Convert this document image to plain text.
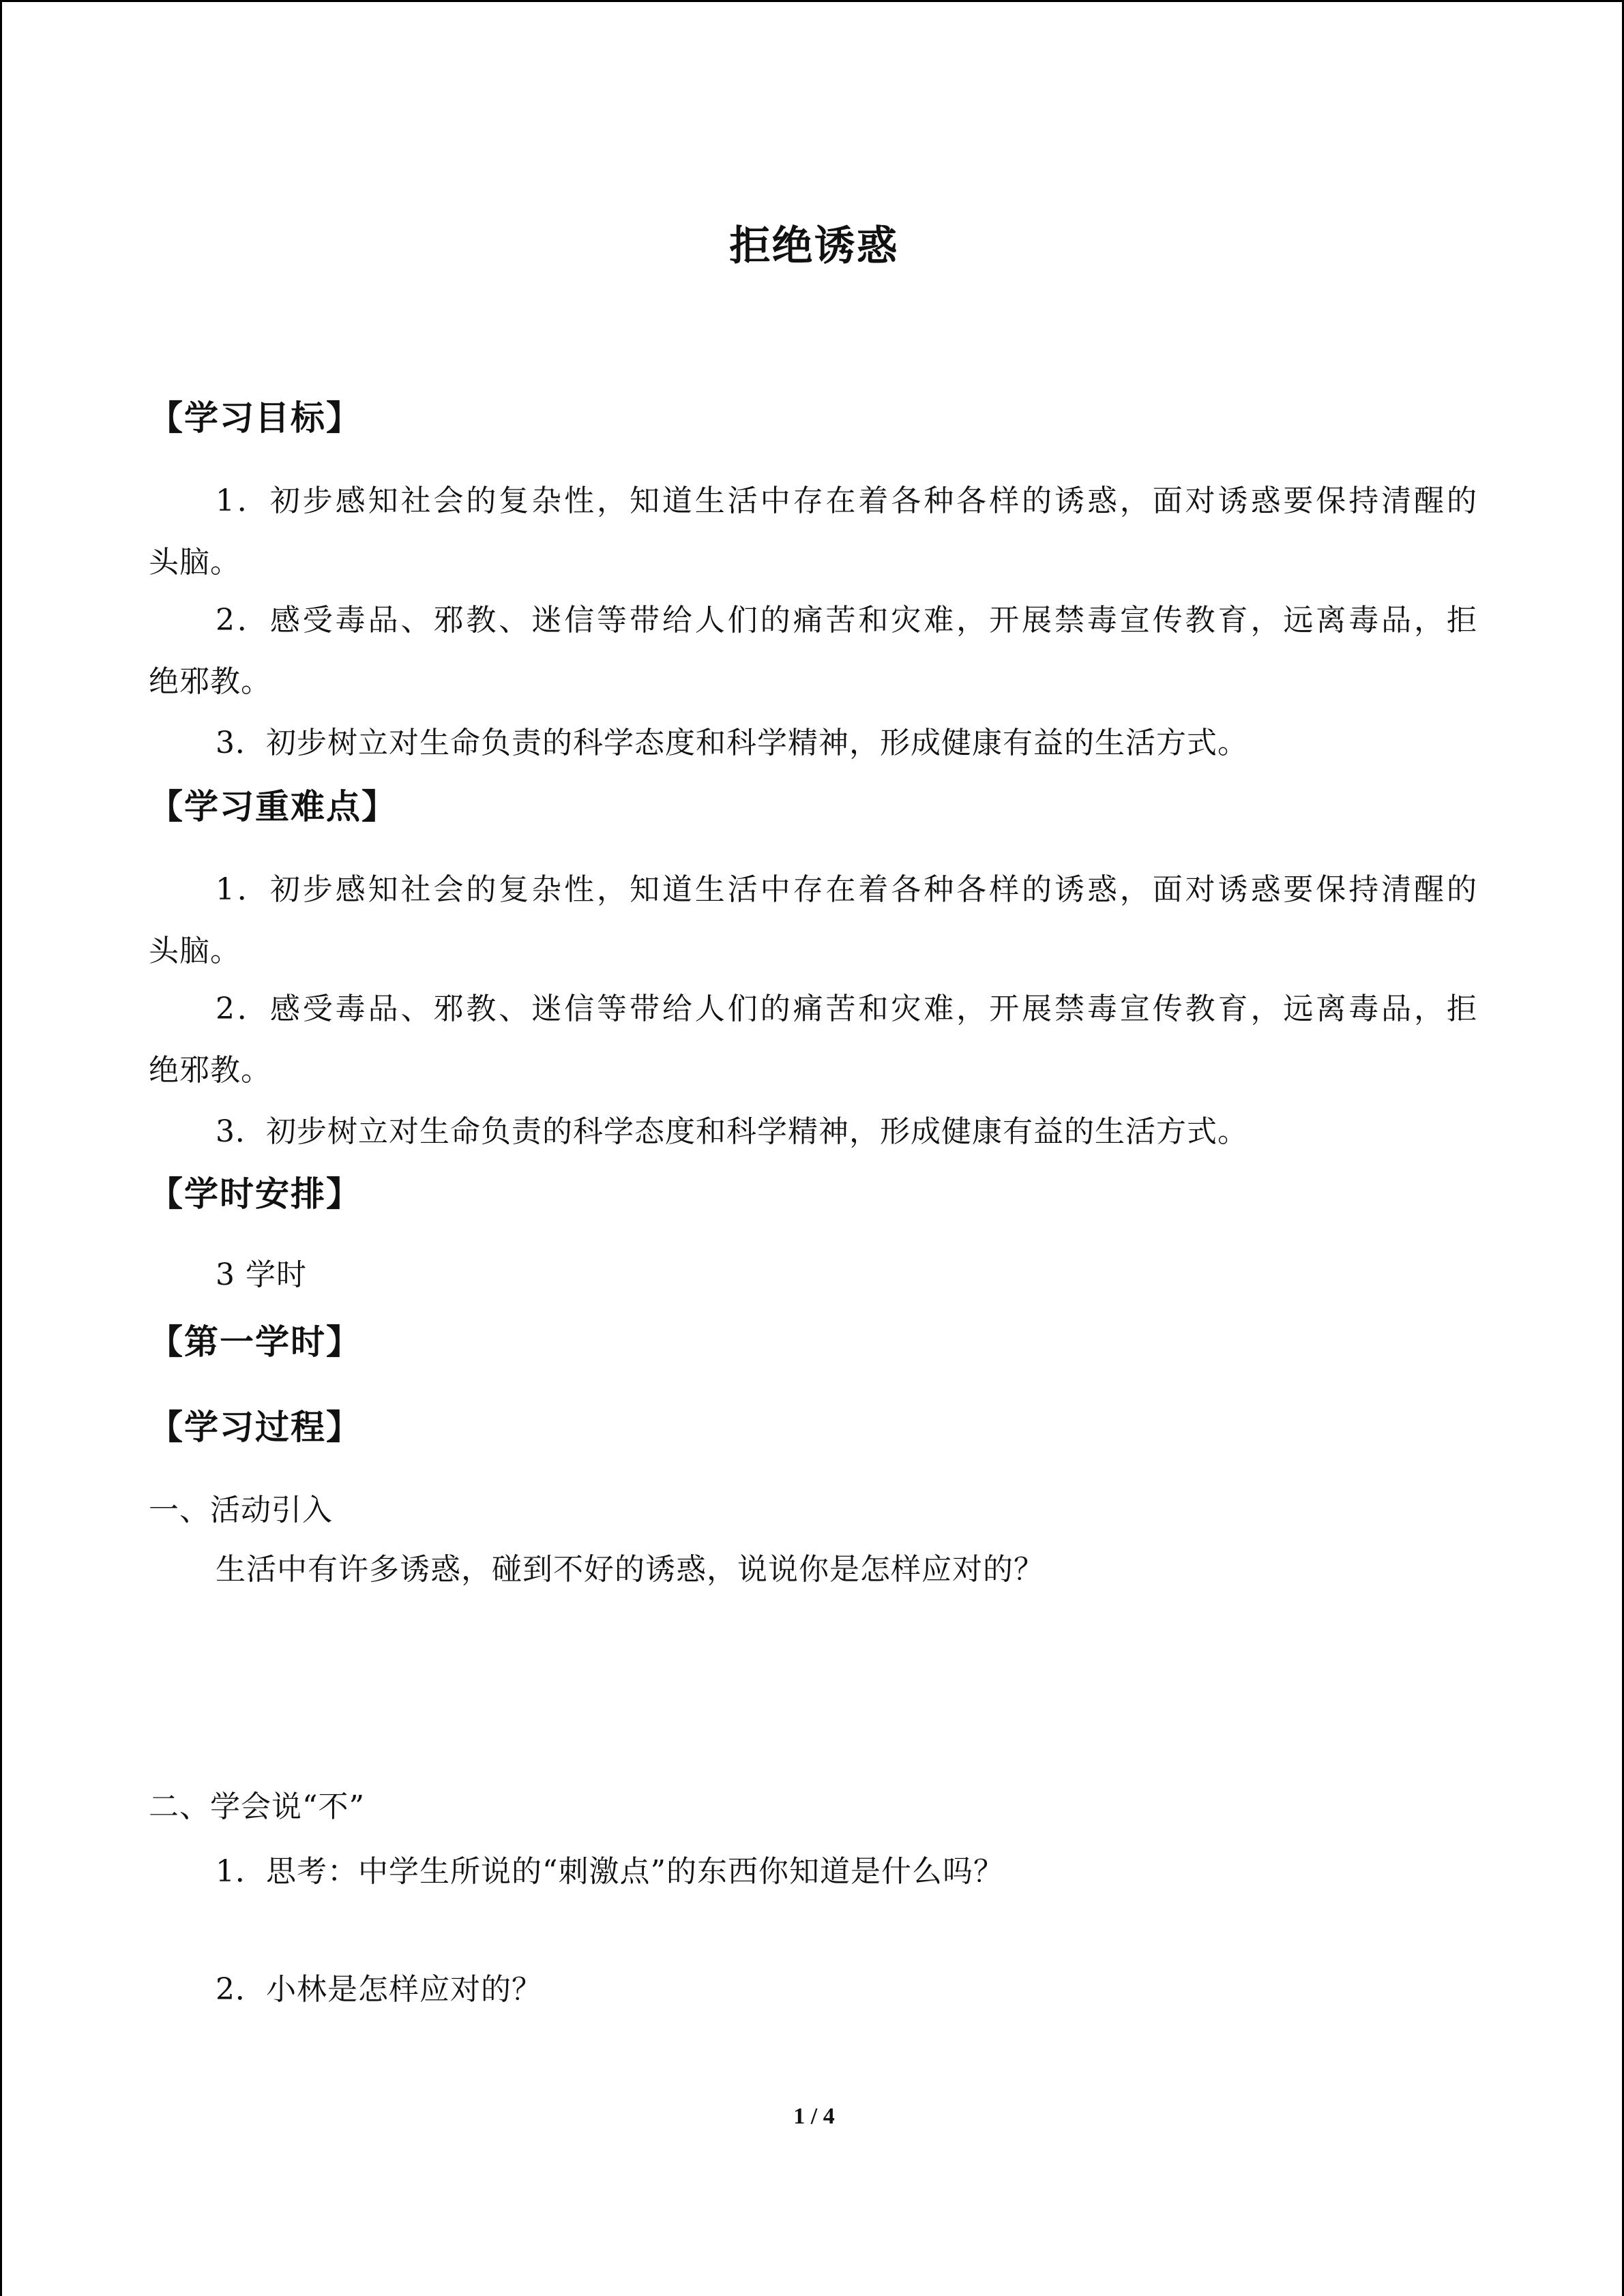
拒绝诱惑
【学习目标】
1．初步感知社会的复杂性，知道生活中存在着各种各样的诱惑，面对诱惑要保持清醒的
头脑。
2．感受毒品、邪教、迷信等带给人们的痛苦和灾难，开展禁毒宣传教育，远离毒品，拒
绝邪教。
3．初步树立对生命负责的科学态度和科学精神，形成健康有益的生活方式。
【学习重难点】
1．初步感知社会的复杂性，知道生活中存在着各种各样的诱惑，面对诱惑要保持清醒的
头脑。
2．感受毒品、邪教、迷信等带给人们的痛苦和灾难，开展禁毒宣传教育，远离毒品，拒
绝邪教。
3．初步树立对生命负责的科学态度和科学精神，形成健康有益的生活方式。
【学时安排】
3 学时
【第一学时】
【学习过程】
一、活动引入
生活中有许多诱惑，碰到不好的诱惑，说说你是怎样应对的？
二、学会说“不”
1．思考：中学生所说的“刺激点”的东西你知道是什么吗？
2．小林是怎样应对的？
1 / 4
